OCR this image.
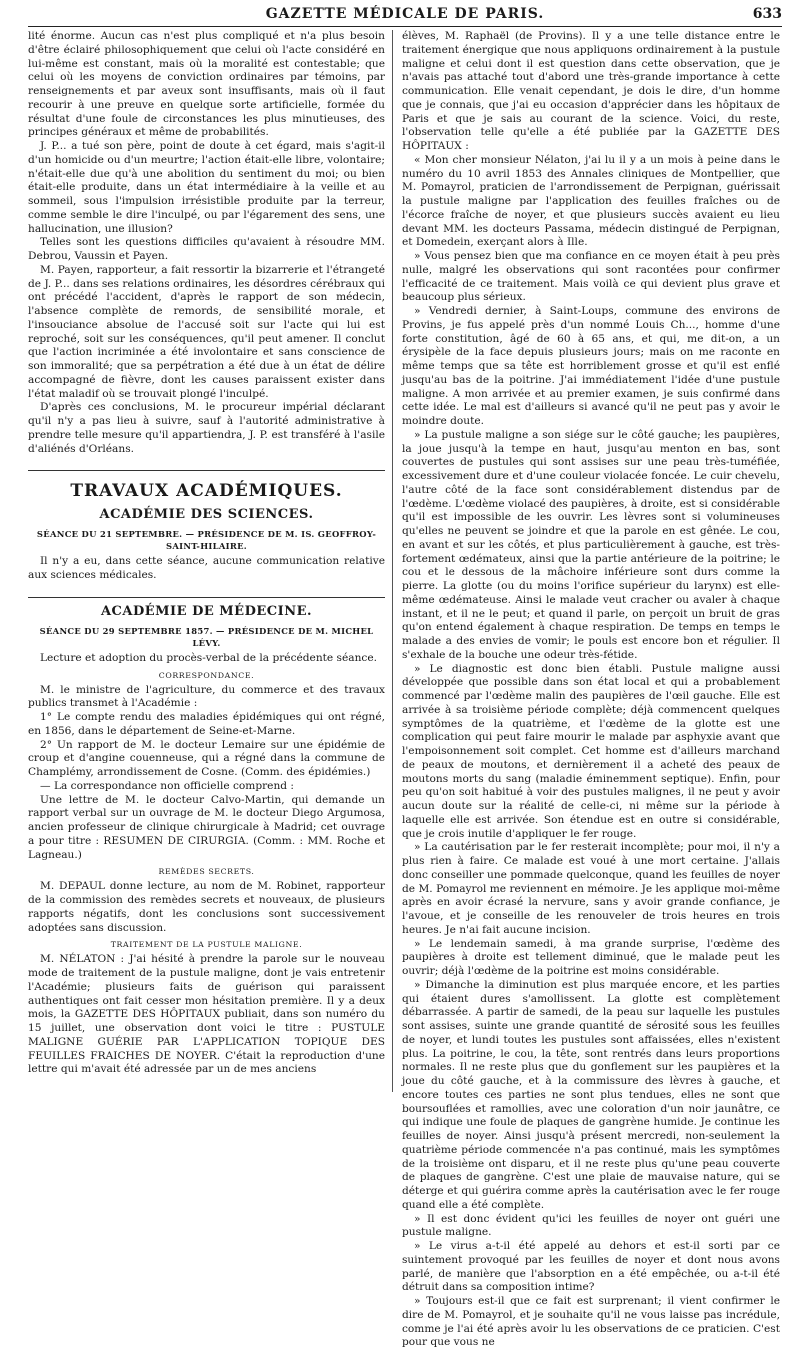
GAZETTE MÉDICALE DE PARIS.	633

lité énorme. Aucun cas n'est plus compliqué et n'a plus besoin d'être éclairé philosophiquement que celui où l'acte considéré en lui-même est constant, mais où la moralité est contestable; que celui où les moyens de conviction ordinaires par témoins, par renseignements et par aveux sont insuffisants, mais où il faut recourir à une preuve en quelque sorte artificielle, formée du résultat d'une foule de circonstances les plus minutieuses, des principes généraux et même de probabilités.

J. P... a tué son père, point de doute à cet égard, mais s'agit-il d'un homicide ou d'un meurtre; l'action était-elle libre, volontaire; n'était-elle due qu'à une abolition du sentiment du moi; ou bien était-elle produite, dans un état intermédiaire à la veille et au sommeil, sous l'impulsion irrésistible produite par la terreur, comme semble le dire l'inculpé, ou par l'égarement des sens, une hallucination, une illusion?

Telles sont les questions difficiles qu'avaient à résoudre MM. Debrou, Vaussin et Payen.

M. Payen, rapporteur, a fait ressortir la bizarrerie et l'étrangeté de J. P... dans ses relations ordinaires, les désordres cérébraux qui ont précédé l'accident, d'après le rapport de son médecin, l'absence complète de remords, de sensibilité morale, et l'insouciance absolue de l'accusé soit sur l'acte qui lui est reproché, soit sur les conséquences, qu'il peut amener. Il conclut que l'action incriminée a été involontaire et sans conscience de son immoralité; que sa perpétration a été due à un état de délire accompagné de fièvre, dont les causes paraissent exister dans l'état maladif où se trouvait plongé l'inculpé.

D'après ces conclusions, M. le procureur impérial déclarant qu'il n'y a pas lieu à suivre, sauf à l'autorité administrative à prendre telle mesure qu'il appartiendra, J. P. est transféré à l'asile d'aliénés d'Orléans.

TRAVAUX ACADÉMIQUES.
ACADÉMIE DES SCIENCES.
SÉANCE DU 21 SEPTEMBRE. — PRÉSIDENCE DE M. IS. GEOFFROY-SAINT-HILAIRE.

Il n'y a eu, dans cette séance, aucune communication relative aux sciences médicales.

ACADÉMIE DE MÉDECINE.
SÉANCE DU 29 SEPTEMBRE 1857. — PRÉSIDENCE DE M. MICHEL LÉVY.

Lecture et adoption du procès-verbal de la précédente séance.

CORRESPONDANCE.

M. le ministre de l'agriculture, du commerce et des travaux publics transmet à l'Académie :

1° Le compte rendu des maladies épidémiques qui ont régné, en 1856, dans le département de Seine-et-Marne.

2° Un rapport de M. le docteur Lemaire sur une épidémie de croup et d'angine couenneuse, qui a régné dans la commune de Champlémy, arrondissement de Cosne. (Comm. des épidémies.)

— La correspondance non officielle comprend :

Une lettre de M. le docteur Calvo-Martin, qui demande un rapport verbal sur un ouvrage de M. le docteur Diego Argumosa, ancien professeur de clinique chirurgicale à Madrid; cet ouvrage a pour titre : RESUMEN DE CIRURGIA. (Comm. : MM. Roche et Lagneau.)

REMÈDES SECRETS.

M. DEPAUL donne lecture, au nom de M. Robinet, rapporteur de la commission des remèdes secrets et nouveaux, de plusieurs rapports négatifs, dont les conclusions sont successivement adoptées sans discussion.

TRAITEMENT DE LA PUSTULE MALIGNE.

M. NÉLATON : J'ai hésité à prendre la parole sur le nouveau mode de traitement de la pustule maligne, dont je vais entretenir l'Académie; plusieurs faits de guérison qui paraissent authentiques ont fait cesser mon hésitation première. Il y a deux mois, la GAZETTE DES HÔPITAUX publiait, dans son numéro du 15 juillet, une observation dont voici le titre : PUSTULE MALIGNE GUÉRIE PAR L'APPLICATION TOPIQUE DES FEUILLES FRAICHES DE NOYER. C'était la reproduction d'une lettre qui m'avait été adressée par un de mes anciens

élèves, M. Raphaël (de Provins). Il y a une telle distance entre le traitement énergique que nous appliquons ordinairement à la pustule maligne et celui dont il est question dans cette observation, que je n'avais pas attaché tout d'abord une très-grande importance à cette communication. Elle venait cependant, je dois le dire, d'un homme que je connais, que j'ai eu occasion d'apprécier dans les hôpitaux de Paris et que je sais au courant de la science. Voici, du reste, l'observation telle qu'elle a été publiée par la GAZETTE DES HÔPITAUX :

« Mon cher monsieur Nélaton, j'ai lu il y a un mois à peine dans le numéro du 10 avril 1853 des Annales cliniques de Montpellier, que M. Pomayrol, praticien de l'arrondissement de Perpignan, guérissait la pustule maligne par l'application des feuilles fraîches ou de l'écorce fraîche de noyer, et que plusieurs succès avaient eu lieu devant MM. les docteurs Passama, médecin distingué de Perpignan, et Domedein, exerçant alors à Ille.

» Vous pensez bien que ma confiance en ce moyen était à peu près nulle, malgré les observations qui sont racontées pour confirmer l'efficacité de ce traitement. Mais voilà ce qui devient plus grave et beaucoup plus sérieux.

» Vendredi dernier, à Saint-Loups, commune des environs de Provins, je fus appelé près d'un nommé Louis Ch..., homme d'une forte constitution, âgé de 60 à 65 ans, et qui, me dit-on, a un érysipèle de la face depuis plusieurs jours; mais on me raconte en même temps que sa tête est horriblement grosse et qu'il est enflé jusqu'au bas de la poitrine. J'ai immédiatement l'idée d'une pustule maligne. A mon arrivée et au premier examen, je suis confirmé dans cette idée. Le mal est d'ailleurs si avancé qu'il ne peut pas y avoir le moindre doute.

» La pustule maligne a son siége sur le côté gauche; les paupières, la joue jusqu'à la tempe en haut, jusqu'au menton en bas, sont couvertes de pustules qui sont assises sur une peau très-tuméfiée, excessivement dure et d'une couleur violacée foncée. Le cuir chevelu, l'autre côté de la face sont considérablement distendus par de l'œdème. L'œdème violacé des paupières, à droite, est si considérable qu'il est impossible de les ouvrir. Les lèvres sont si volumineuses qu'elles ne peuvent se joindre et que la parole en est gênée. Le cou, en avant et sur les côtés, et plus particulièrement à gauche, est très-fortement œdémateux, ainsi que la partie antérieure de la poitrine; le cou et le dessous de la mâchoire inférieure sont durs comme la pierre. La glotte (ou du moins l'orifice supérieur du larynx) est elle-même œdémateuse. Ainsi le malade veut cracher ou avaler à chaque instant, et il ne le peut; et quand il parle, on perçoit un bruit de gras qu'on entend également à chaque respiration. De temps en temps le malade a des envies de vomir; le pouls est encore bon et régulier. Il s'exhale de la bouche une odeur très-fétide.

» Le diagnostic est donc bien établi. Pustule maligne aussi développée que possible dans son état local et qui a probablement commencé par l'œdème malin des paupières de l'œil gauche. Elle est arrivée à sa troisième période complète; déjà commencent quelques symptômes de la quatrième, et l'œdème de la glotte est une complication qui peut faire mourir le malade par asphyxie avant que l'empoisonnement soit complet. Cet homme est d'ailleurs marchand de peaux de moutons, et dernièrement il a acheté des peaux de moutons morts du sang (maladie éminemment septique). Enfin, pour peu qu'on soit habitué à voir des pustules malignes, il ne peut y avoir aucun doute sur la réalité de celle-ci, ni même sur la période à laquelle elle est arrivée. Son étendue est en outre si considérable, que je crois inutile d'appliquer le fer rouge.

» La cautérisation par le fer resterait incomplète; pour moi, il n'y a plus rien à faire. Ce malade est voué à une mort certaine. J'allais donc conseiller une pommade quelconque, quand les feuilles de noyer de M. Pomayrol me reviennent en mémoire. Je les applique moi-même après en avoir écrasé la nervure, sans y avoir grande confiance, je l'avoue, et je conseille de les renouveler de trois heures en trois heures. Je n'ai fait aucune incision.

» Le lendemain samedi, à ma grande surprise, l'œdème des paupières à droite est tellement diminué, que le malade peut les ouvrir; déjà l'œdème de la poitrine est moins considérable.

» Dimanche la diminution est plus marquée encore, et les parties qui étaient dures s'amollissent. La glotte est complètement débarrassée. A partir de samedi, de la peau sur laquelle les pustules sont assises, suinte une grande quantité de sérosité sous les feuilles de noyer, et lundi toutes les pustules sont affaissées, elles n'existent plus. La poitrine, le cou, la tête, sont rentrés dans leurs proportions normales. Il ne reste plus que du gonflement sur les paupières et la joue du côté gauche, et à la commissure des lèvres à gauche, et encore toutes ces parties ne sont plus tendues, elles ne sont que boursouflées et ramollies, avec une coloration d'un noir jaunâtre, ce qui indique une foule de plaques de gangrène humide. Je continue les feuilles de noyer. Ainsi jusqu'à présent mercredi, non-seulement la quatrième période commencée n'a pas continué, mais les symptômes de la troisième ont disparu, et il ne reste plus qu'une peau couverte de plaques de gangrène. C'est une plaie de mauvaise nature, qui se déterge et qui guérira comme après la cautérisation avec le fer rouge quand elle a été complète.

» Il est donc évident qu'ici les feuilles de noyer ont guéri une pustule maligne.

» Le virus a-t-il été appelé au dehors et est-il sorti par ce suintement provoqué par les feuilles de noyer et dont nous avons parlé, de manière que l'absorption en a été empêchée, ou a-t-il été détruit dans sa composition intime?

» Toujours est-il que ce fait est surprenant; il vient confirmer le dire de M. Pomayrol, et je souhaite qu'il ne vous laisse pas incrédule, comme je l'ai été après avoir lu les observations de ce praticien. C'est pour que vous ne
